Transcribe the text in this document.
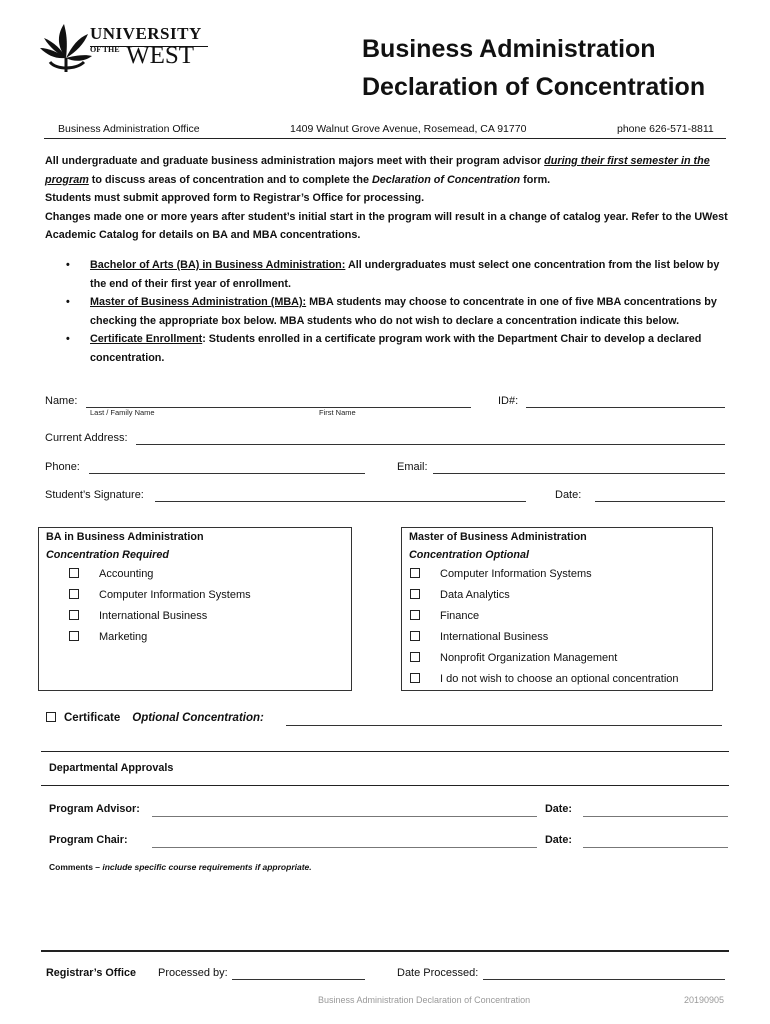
UNIVERSITY
OF THE WEST	Business Administration
Declaration of Concentration
Business Administration Office	1409 Walnut Grove Avenue, Rosemead, CA 91770	phone 626-571-8811

All undergraduate and graduate business administration majors meet with their program advisor during their first semester in the program to discuss areas of concentration and to complete the Declaration of Concentration form.

Students must submit approved form to Registrar’s Office for processing.

Changes made one or more years after student’s initial start in the program will result in a change of catalog year. Refer to the UWest Academic Catalog for details on BA and MBA concentrations.

• Bachelor of Arts (BA) in Business Administration: All undergraduates must select one concentration from the list below by the end of their first year of enrollment.
• Master of Business Administration (MBA): MBA students may choose to concentrate in one of five MBA concentrations by checking the appropriate box below. MBA students who do not wish to declare a concentration indicate this below.
• Certificate Enrollment: Students enrolled in a certificate program work with the Department Chair to develop a declared concentration.
Name:
Last / Family Name	First Name
ID#:
Current Address:
Phone:	Email:
Student’s Signature:	Date:
BA in Business Administration
Concentration Required
Accounting
Computer Information Systems
International Business
Marketing
Master of Business Administration
Concentration Optional
Computer Information Systems
Data Analytics
Finance
International Business
Nonprofit Organization Management
I do not wish to choose an optional concentration
Certificate Optional Concentration:
Departmental Approvals
Program Advisor:	Date:
Program Chair:	Date:
Comments – include specific course requirements if appropriate.
Registrar’s Office Processed by:	Date Processed:
Business Administration Declaration of Concentration	20190905
